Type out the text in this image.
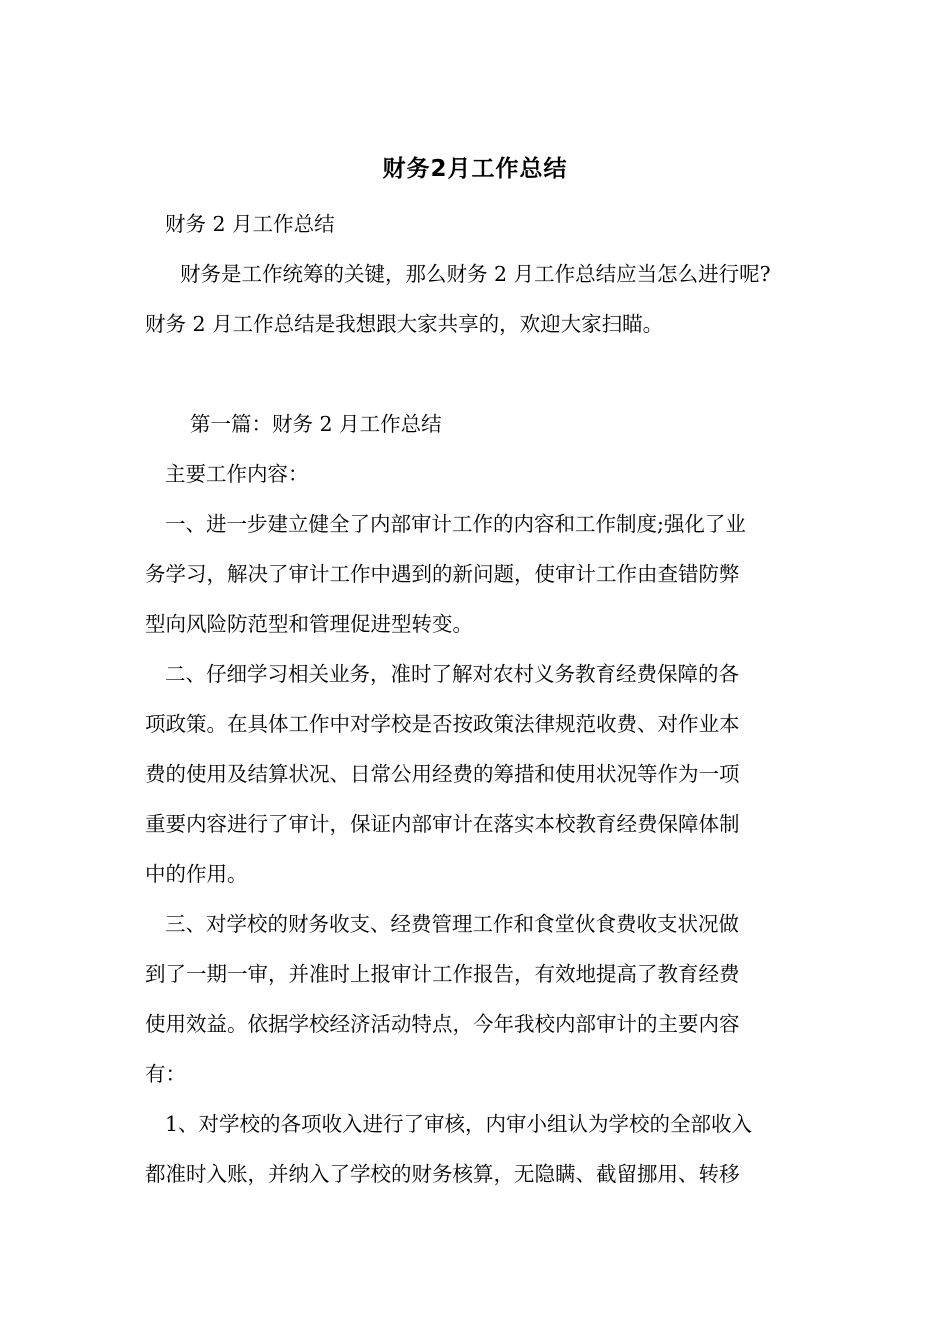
财务2月工作总结
财务 2 月工作总结
财务是工作统筹的关键，那么财务 2 月工作总结应当怎么进行呢?
财务 2 月工作总结是我想跟大家共享的，欢迎大家扫瞄。
第一篇：财务 2 月工作总结
主要工作内容：
一、进一步建立健全了内部审计工作的内容和工作制度;强化了业
务学习，解决了审计工作中遇到的新问题，使审计工作由查错防弊
型向风险防范型和管理促进型转变。
二、仔细学习相关业务，准时了解对农村义务教育经费保障的各
项政策。在具体工作中对学校是否按政策法律规范收费、对作业本
费的使用及结算状况、日常公用经费的筹措和使用状况等作为一项
重要内容进行了审计，保证内部审计在落实本校教育经费保障体制
中的作用。
三、对学校的财务收支、经费管理工作和食堂伙食费收支状况做
到了一期一审，并准时上报审计工作报告，有效地提高了教育经费
使用效益。依据学校经济活动特点，今年我校内部审计的主要内容
有：
1、对学校的各项收入进行了审核，内审小组认为学校的全部收入
都准时入账，并纳入了学校的财务核算，无隐瞒、截留挪用、转移
